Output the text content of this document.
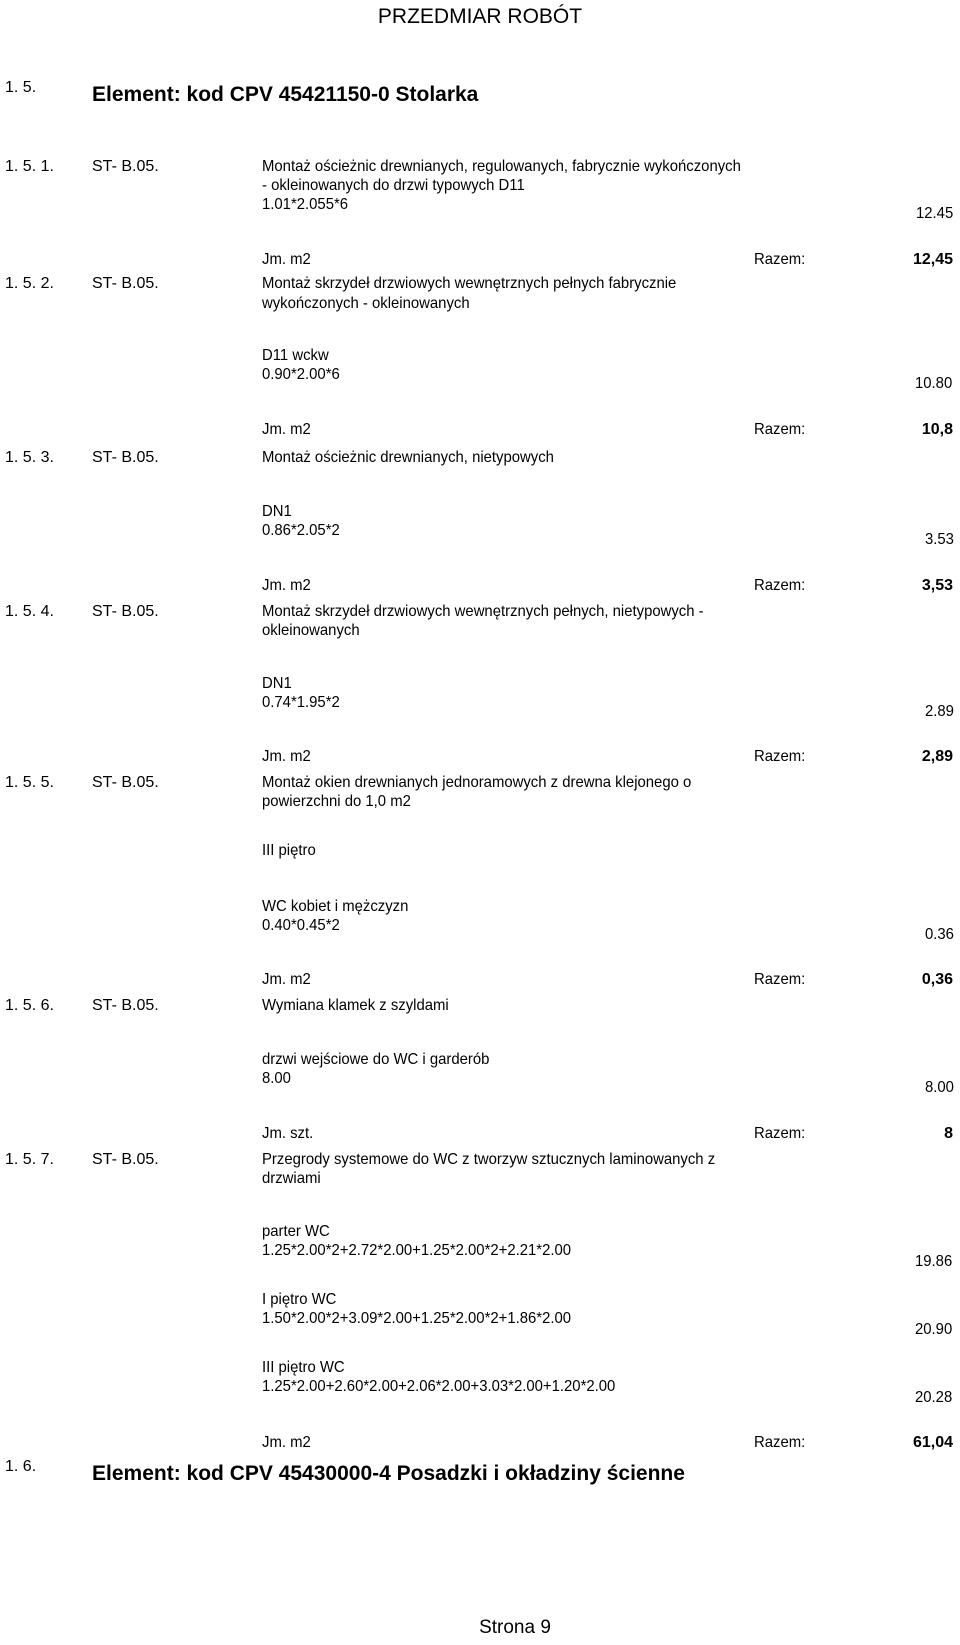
PRZEDMIAR ROBÓT
1. 5.	Element: kod CPV 45421150-0 Stolarka
1. 5. 1. ST- B.05.	Montaż ościeżnic drewnianych, regulowanych, fabrycznie wykończonych
- okleinowanych do drzwi typowych D11
1.01*2.055*6
12.45
Jm. m2	Razem:	12,45
1. 5. 2. ST- B.05.	Montaż skrzydeł drzwiowych wewnętrznych pełnych fabrycznie
wykończonych - okleinowanych
D11 wckw
0.90*2.00*6
10.80
Jm. m2	Razem:	10,8
1. 5. 3. ST- B.05.	Montaż ościeżnic drewnianych, nietypowych
DN1
0.86*2.05*2
3.53
Jm. m2	Razem:	3,53
1. 5. 4. ST- B.05.	Montaż skrzydeł drzwiowych wewnętrznych pełnych, nietypowych -
okleinowanych
DN1
0.74*1.95*2
2.89
Jm. m2	Razem:	2,89
1. 5. 5. ST- B.05.	Montaż okien drewnianych jednoramowych z drewna klejonego o
powierzchni do 1,0 m2
III piętro
WC kobiet i mężczyzn
0.40*0.45*2
0.36
Jm. m2	Razem:	0,36
1. 5. 6. ST- B.05.	Wymiana klamek z szyldami
drzwi wejściowe do WC i garderób
8.00
8.00
Jm. szt.	Razem:	8
1. 5. 7. ST- B.05.	Przegrody systemowe do WC z tworzyw sztucznych laminowanych z
drzwiami
parter WC
1.25*2.00*2+2.72*2.00+1.25*2.00*2+2.21*2.00
19.86
I piętro WC
1.50*2.00*2+3.09*2.00+1.25*2.00*2+1.86*2.00
20.90
III piętro WC
1.25*2.00+2.60*2.00+2.06*2.00+3.03*2.00+1.20*2.00
20.28
Jm. m2	Razem:	61,04
1. 6.	Element: kod CPV 45430000-4 Posadzki i okładziny ścienne
Strona 9
